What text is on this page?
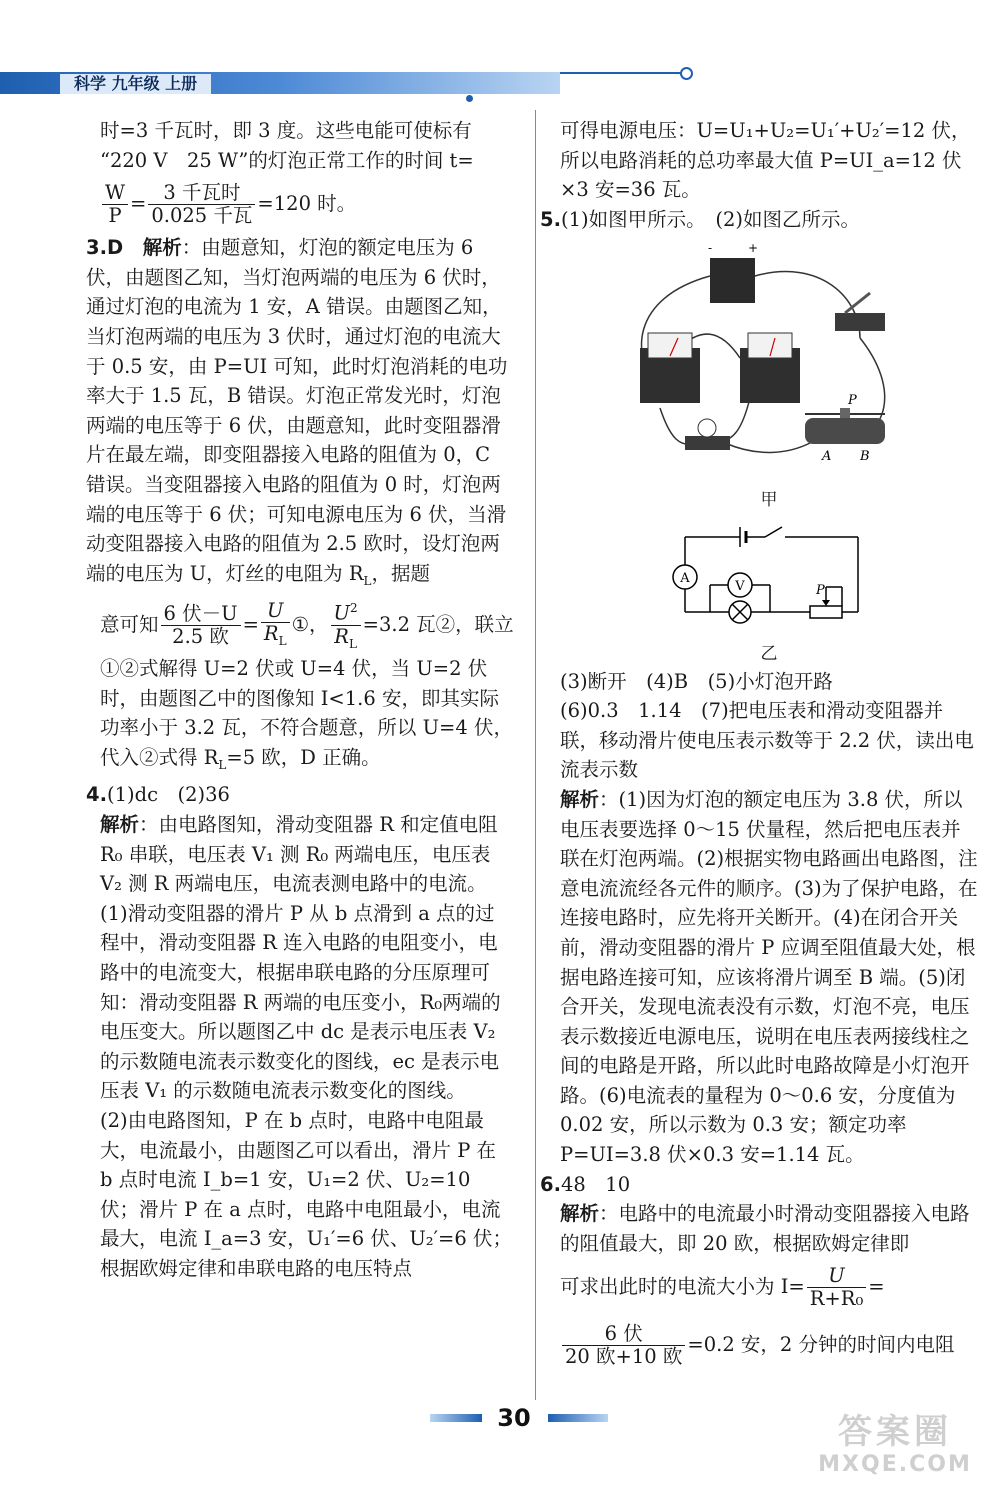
科学 九年级 上册
时=3 千瓦时，即 3 度。这些电能可使标有
“220 V　25 W”的灯泡正常工作的时间 t=
$\frac{W}{P} = \frac{\text{3 千瓦时}}{\text{0.025 千瓦}} =120$ 时。
3.D　 解析：由题意知，灯泡的额定电压为 6 伏，由题图乙知，当灯泡两端的电压为 6 伏时，通过灯泡的电流为 1 安，A 错误。由题图乙知，当灯泡两端的电压为 3 伏时，通过灯泡的电流大于 0.5 安，由 P=UI 可知，此时灯泡消耗的电功率大于 1.5 瓦，B 错误。灯泡正常发光时，灯泡两端的电压等于 6 伏，由题意知，此时变阻器滑片在最左端，即变阻器接入电路的阻值为 0，C 错误。当变阻器接入电路的阻值为 0 时，灯泡两端的电压等于 6 伏；可知电源电压为 6 伏，当滑动变阻器接入电路的阻值为 2.5 欧时，设灯泡两端的电压为 U，灯丝的电阻为 $R_L$，据题
意可知 $\frac{\text{6 伏－U}}{\text{2.5 欧}} = \frac{U}{R_L}$ ①， $\frac{U^2}{R_L} =3.2$ 瓦②，联立
①②式解得 U=2 伏或 U=4 伏，当 U=2 伏时，由题图乙中的图像知 I<1.6 安，即其实际功率小于 3.2 瓦，不符合题意，所以 U=4 伏，代入②式得 $R_L=5$ 欧，D 正确。
4.(1)dc　(2)36
解析：由电路图知，滑动变阻器 R 和定值电阻 R₀ 串联，电压表 V₁ 测 R₀ 两端电压，电压表 V₂ 测 R 两端电压，电流表测电路中的电流。
(1)滑动变阻器的滑片 P 从 b 点滑到 a 点的过程中，滑动变阻器 R 连入电路的电阻变小，电路中的电流变大，根据串联电路的分压原理可知：滑动变阻器 R 两端的电压变小，R₀两端的电压变大。所以题图乙中 dc 是表示电压表 V₂ 的示数随电流表示数变化的图线，ec 是表示电压表 V₁ 的示数随电流表示数变化的图线。
(2)由电路图知，P 在 b 点时，电路中电阻最大，电流最小，由题图乙可以看出，滑片 P 在 b 点时电流 I_b=1 安，U₁=2 伏、U₂=10 伏；滑片 P 在 a 点时，电路中电阻最小，电流最大，电流 I_a=3 安，U₁′=6 伏、U₂′=6 伏；根据欧姆定律和串联电路的电压特点
可得电源电压：U=U₁+U₂=U₁′+U₂′=12 伏，所以电路消耗的总功率最大值 P=UI_a=12 伏×3 安=36 瓦。
5.(1)如图甲所示。　(2)如图乙所示。
-	+
P
A B
甲
A
P
V
乙
(3)断开　(4)B　(5)小灯泡开路
(6)0.3　1.14　(7)把电压表和滑动变阻器并联，移动滑片使电压表示数等于 2.2 伏，读出电流表示数
解析：(1)因为灯泡的额定电压为 3.8 伏，所以电压表要选择 0～15 伏量程，然后把电压表并联在灯泡两端。(2)根据实物电路画出电路图，注意电流流经各元件的顺序。(3)为了保护电路，在连接电路时，应先将开关断开。(4)在闭合开关前，滑动变阻器的滑片 P 应调至阻值最大处，根据电路连接可知，应该将滑片调至 B 端。(5)闭合开关，发现电流表没有示数，灯泡不亮，电压表示数接近电源电压，说明在电压表两接线柱之间的电路是开路，所以此时电路故障是小灯泡开路。(6)电流表的量程为 0～0.6 安，分度值为 0.02 安，所以示数为 0.3 安；额定功率 P=UI=3.8 伏×0.3 安=1.14 瓦。
6.48　10
解析：电路中的电流最小时滑动变阻器接入电路的阻值最大，即 20 欧，根据欧姆定律即
可求出此时的电流大小为 $I= \frac{U}{\text{R+R₀}}$ =
$\frac{\text{6 伏}}{\text{20 欧+10 欧}} =0.2$ 安，2 分钟的时间内电阻
30	答案圈
MXQE.COM
